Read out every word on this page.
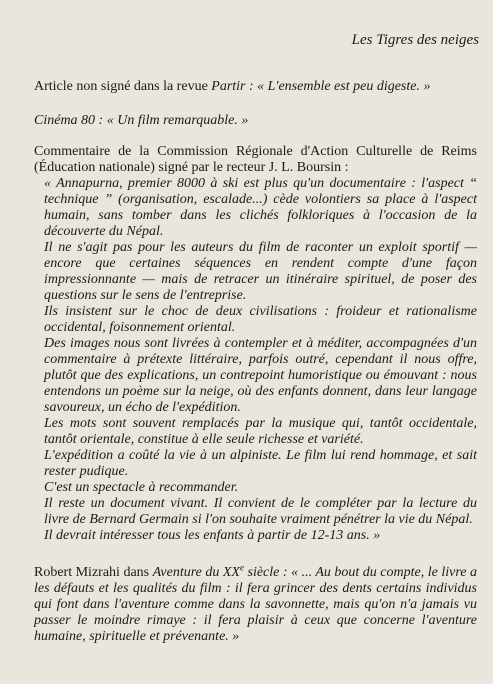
Les Tigres des neiges
Article non signé dans la revue Partir : « L'ensemble est peu digeste. »
Cinéma 80 : « Un film remarquable. »
Commentaire de la Commission Régionale d'Action Culturelle de Reims (Éducation nationale) signé par le recteur J. L. Boursin :

« Annapurna, premier 8000 à ski est plus qu'un documentaire : l'aspect “ technique ” (organisation, escalade...) cède volontiers sa place à l'aspect humain, sans tomber dans les clichés folkloriques à l'occasion de la découverte du Népal.

Il ne s'agit pas pour les auteurs du film de raconter un exploit sportif — encore que certaines séquences en rendent compte d'une façon impressionnante — mais de retracer un itinéraire spirituel, de poser des questions sur le sens de l'entreprise.

Ils insistent sur le choc de deux civilisations : froideur et rationalisme occidental, foisonnement oriental.

Des images nous sont livrées à contempler et à méditer, accompagnées d'un commentaire à prétexte littéraire, parfois outré, cependant il nous offre, plutôt que des explications, un contrepoint humoristique ou émouvant : nous entendons un poème sur la neige, où des enfants donnent, dans leur langage savoureux, un écho de l'expédition.

Les mots sont souvent remplacés par la musique qui, tantôt occidentale, tantôt orientale, constitue à elle seule richesse et variété.

L'expédition a coûté la vie à un alpiniste. Le film lui rend hommage, et sait rester pudique.

C'est un spectacle à recommander.

Il reste un document vivant. Il convient de le compléter par la lecture du livre de Bernard Germain si l'on souhaite vraiment pénétrer la vie du Népal.

Il devrait intéresser tous les enfants à partir de 12-13 ans. »

Robert Mizrahi dans Aventure du XXe siècle : « ... Au bout du compte, le livre a les défauts et les qualités du film : il fera grincer des dents certains individus qui font dans l'aventure comme dans la savonnette, mais qu'on n'a jamais vu passer le moindre rimaye : il fera plaisir à ceux que concerne l'aventure humaine, spirituelle et prévenante. »
